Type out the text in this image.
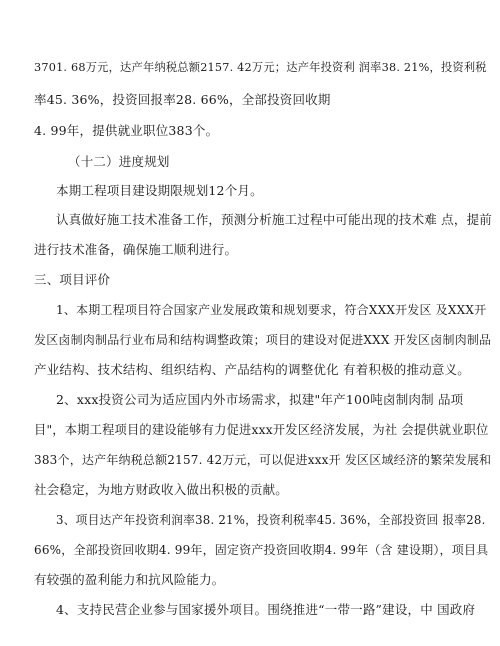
3701. 68万元，达产年纳税总额2157. 42万元；达产年投资利 润率38. 21%，投资利税
率45. 36%，投资回报率28. 66%，全部投资回收期
4. 99年，提供就业职位383个。
（十二）进度规划
本期工程项目建设期限规划12个月。
认真做好施工技术准备工作，预测分析施工过程中可能出现的技术难 点，提前
进行技术准备，确保施工顺利进行。
三、项目评价
1、本期工程项目符合国家产业发展政策和规划要求，符合XXX开发区 及XXX开
发区卤制肉制品行业布局和结构调整政策；项目的建设对促进XXX 开发区卤制肉制品
产业结构、技术结构、组织结构、产品结构的调整优化 有着积极的推动意义。
2、xxx投资公司为适应国内外市场需求，拟建"年产100吨卤制肉制 品项
目"，本期工程项目的建设能够有力促进xxx开发区经济发展，为社 会提供就业职位
383个，达产年纳税总额2157. 42万元，可以促进xxx开 发区区域经济的繁荣发展和
社会稳定，为地方财政收入做出积极的贡献。
3、项目达产年投资利润率38. 21%，投资利税率45. 36%，全部投资回 报率28.
66%，全部投资回收期4. 99年，固定资产投资回收期4. 99年（含 建设期），项目具
有较强的盈利能力和抗风险能力。
4、支持民营企业参与国家援外项目。围绕推进“一带一路”建设，中 国政府
